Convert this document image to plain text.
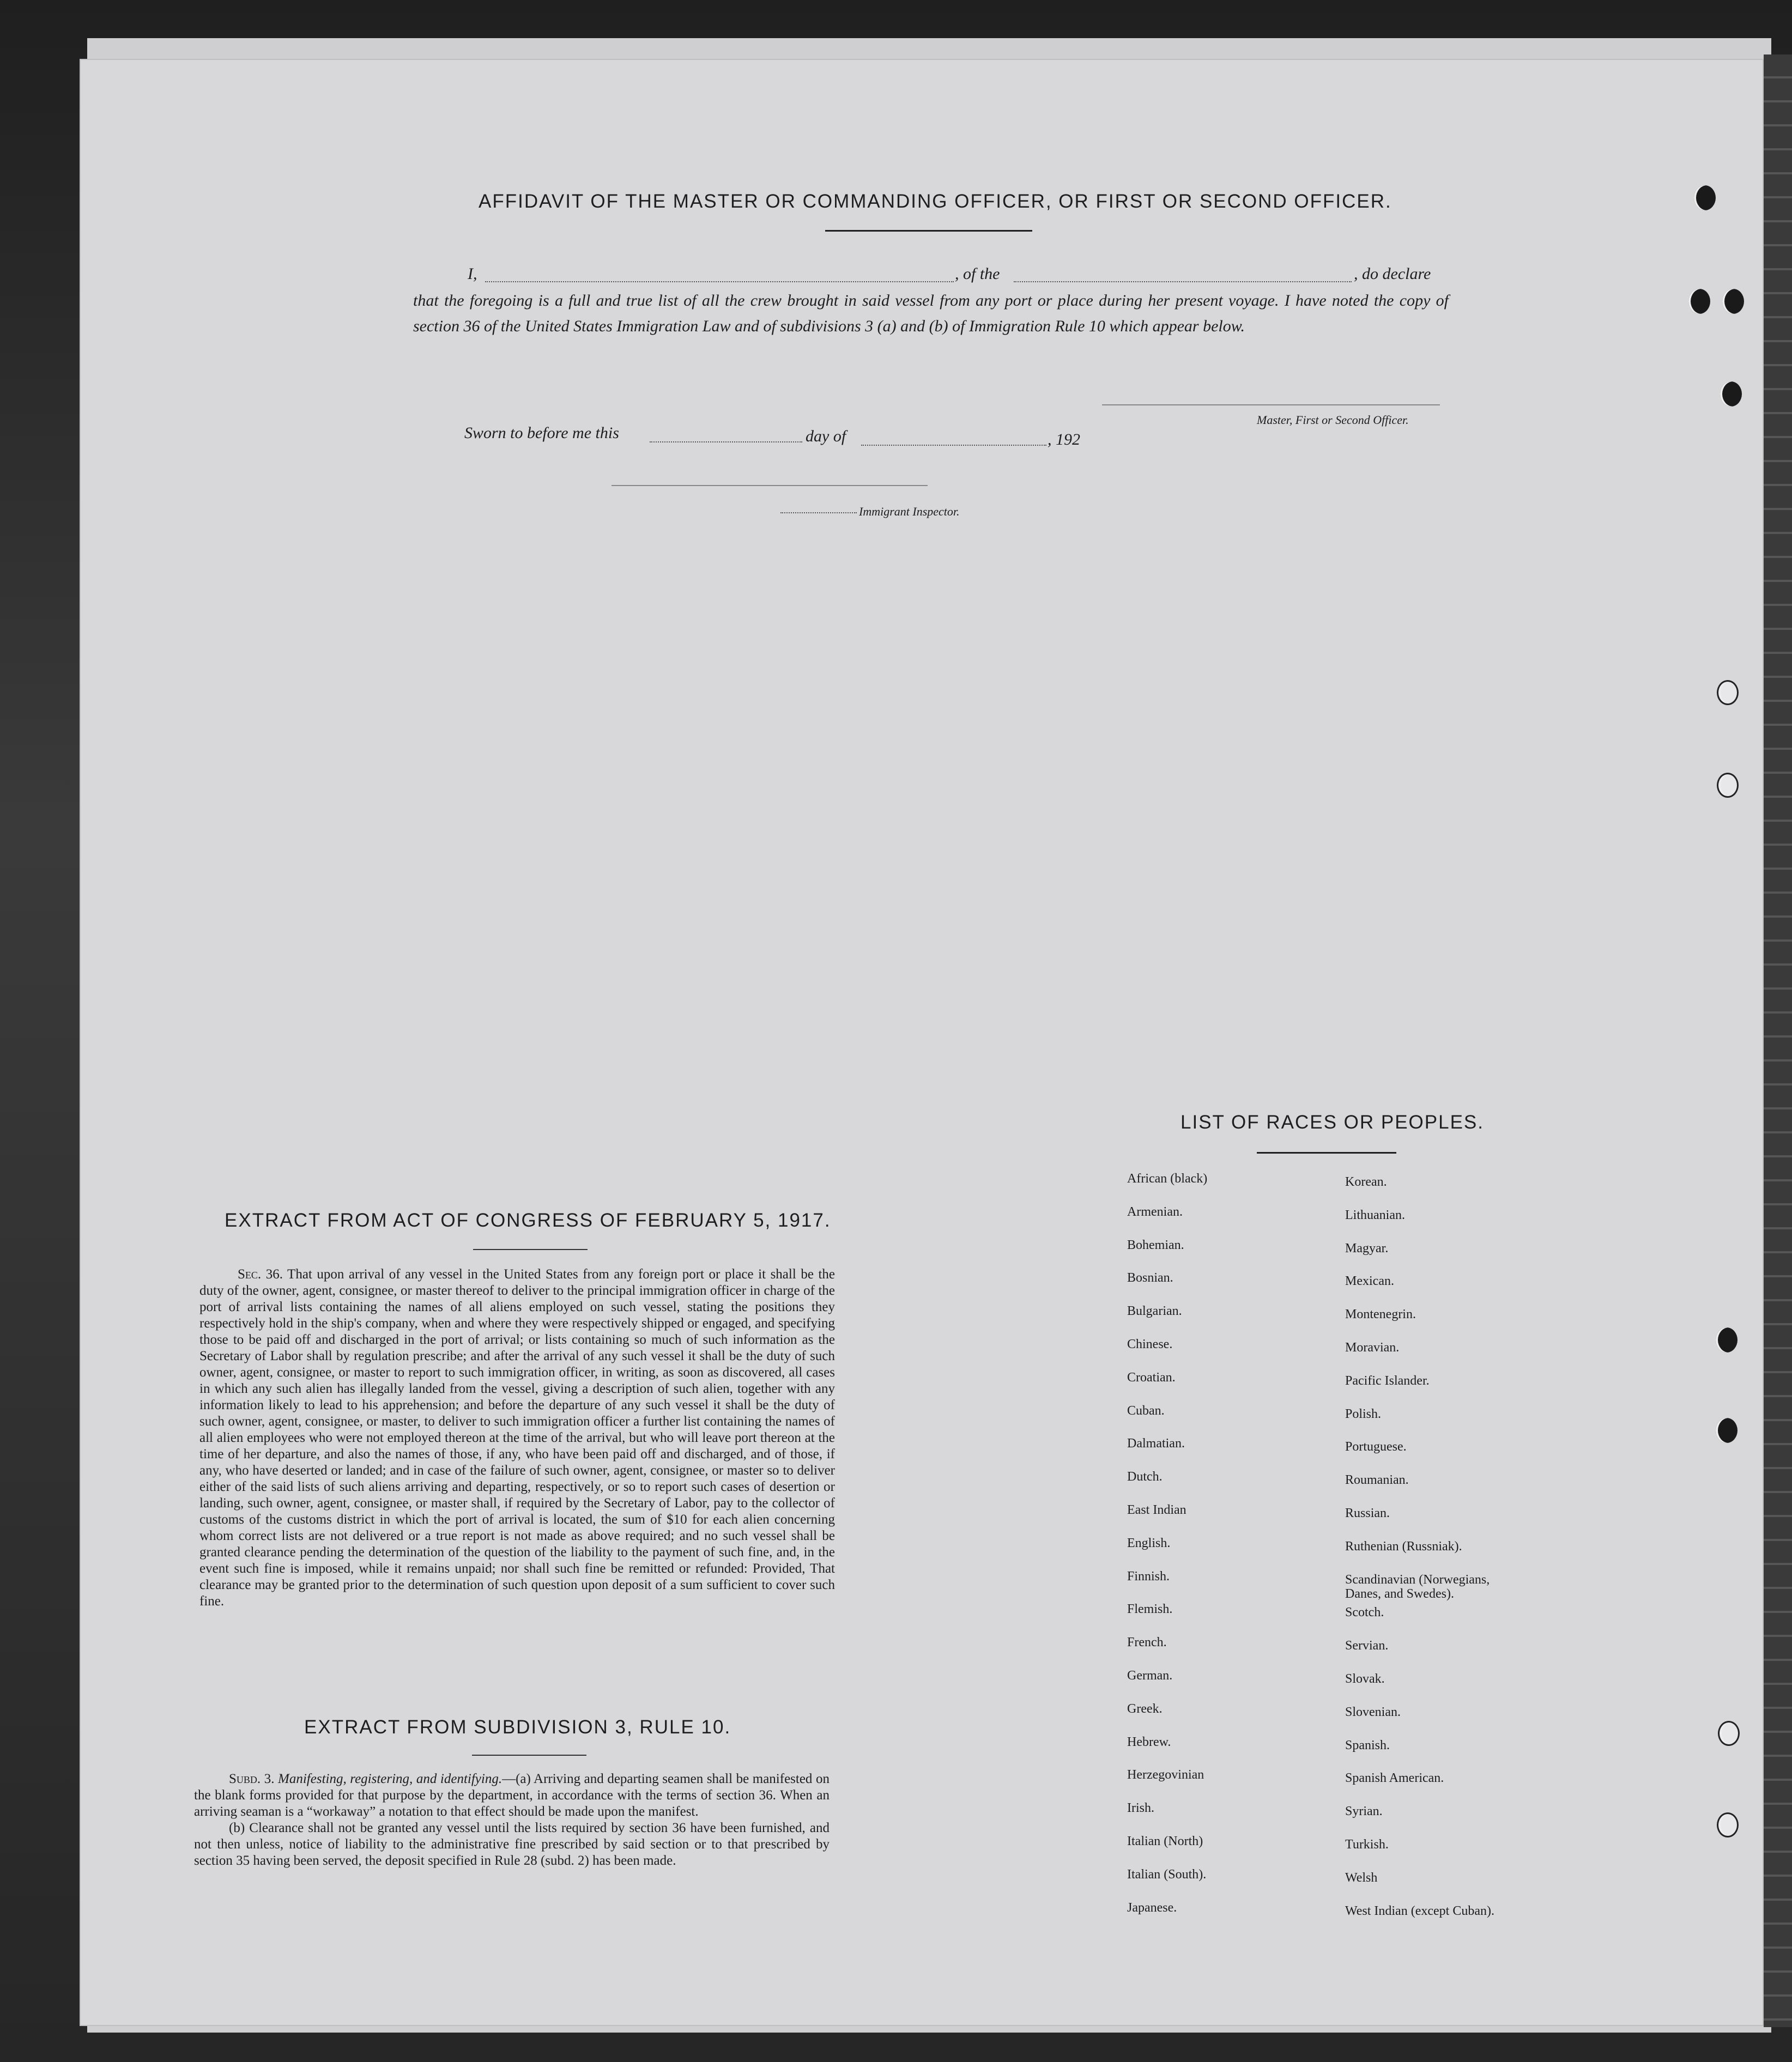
AFFIDAVIT OF THE MASTER OR COMMANDING OFFICER, OR FIRST OR SECOND OFFICER.
I,	, of the	, do declare
that the foregoing is a full and true list of all the crew brought in said vessel from any port or place during her present voyage. I have noted the copy of section 36 of the United States Immigration Law and of subdivisions 3 (a) and (b) of Immigration Rule 10 which appear below.
Master, First or Second Officer.
Sworn to before me this	day of	, 192
Immigrant Inspector.
EXTRACT FROM ACT OF CONGRESS OF FEBRUARY 5, 1917.
Sec. 36. That upon arrival of any vessel in the United States from any foreign port or place it shall be the duty of the owner, agent, consignee, or master thereof to deliver to the principal immigration officer in charge of the port of arrival lists containing the names of all aliens employed on such vessel, stating the positions they respectively hold in the ship's company, when and where they were respectively shipped or engaged, and specifying those to be paid off and discharged in the port of arrival; or lists containing so much of such information as the Secretary of Labor shall by regulation prescribe; and after the arrival of any such vessel it shall be the duty of such owner, agent, consignee, or master to report to such immigration officer, in writing, as soon as discovered, all cases in which any such alien has illegally landed from the vessel, giving a description of such alien, together with any information likely to lead to his apprehension; and before the departure of any such vessel it shall be the duty of such owner, agent, consignee, or master, to deliver to such immigration officer a further list containing the names of all alien employees who were not employed thereon at the time of the arrival, but who will leave port thereon at the time of her departure, and also the names of those, if any, who have been paid off and discharged, and of those, if any, who have deserted or landed; and in case of the failure of such owner, agent, consignee, or master so to deliver either of the said lists of such aliens arriving and departing, respectively, or so to report such cases of desertion or landing, such owner, agent, consignee, or master shall, if required by the Secretary of Labor, pay to the collector of customs of the customs district in which the port of arrival is located, the sum of $10 for each alien concerning whom correct lists are not delivered or a true report is not made as above required; and no such vessel shall be granted clearance pending the determination of the question of the liability to the payment of such fine, and, in the event such fine is imposed, while it remains unpaid; nor shall such fine be remitted or refunded: Provided, That clearance may be granted prior to the determination of such question upon deposit of a sum sufficient to cover such fine.
EXTRACT FROM SUBDIVISION 3, RULE 10.
Subd. 3. Manifesting, registering, and identifying.—(a) Arriving and departing seamen shall be manifested on the blank forms provided for that purpose by the department, in accordance with the terms of section 36. When an arriving seaman is a “workaway” a notation to that effect should be made upon the manifest.
(b) Clearance shall not be granted any vessel until the lists required by section 36 have been furnished, and not then unless, notice of liability to the administrative fine prescribed by said section or to that prescribed by section 35 having been served, the deposit specified in Rule 28 (subd. 2) has been made.
LIST OF RACES OR PEOPLES.
African (black)
Armenian.
Bohemian.
Bosnian.
Bulgarian.
Chinese.
Croatian.
Cuban.
Dalmatian.
Dutch.
East Indian
English.
Finnish.
Flemish.
French.
German.
Greek.
Hebrew.
Herzegovinian
Irish.
Italian (North)
Italian (South).
Japanese.
Korean.
Lithuanian.
Magyar.
Mexican.
Montenegrin.
Moravian.
Pacific Islander.
Polish.
Portuguese.
Roumanian.
Russian.
Ruthenian (Russniak).
Scandinavian (Norwegians, Danes, and Swedes).
Scotch.
Servian.
Slovak.
Slovenian.
Spanish.
Spanish American.
Syrian.
Turkish.
Welsh
West Indian (except Cuban).
